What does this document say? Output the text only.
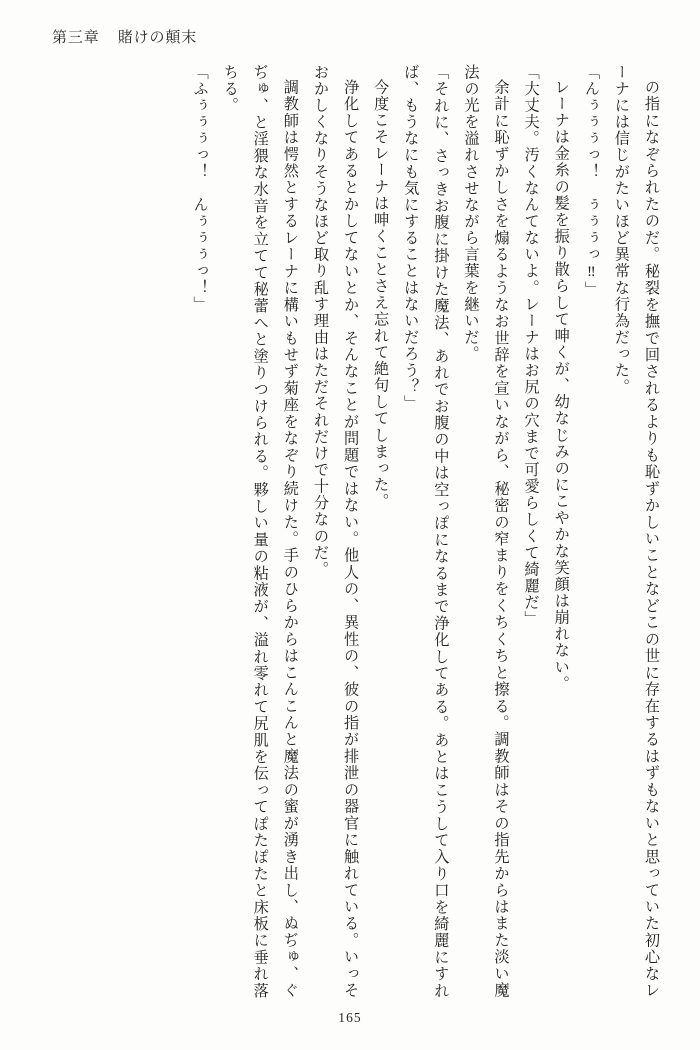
第三章 賭けの顛末

の指になぞられたのだ。秘裂を撫で回されるよりも恥ずかしいことなどこの世に存在するはずもないと思っていた初心なレーナには信じがたいほど異常な行為だった。

「んぅぅぅっ！　ぅぅぅっ‼」

レーナは金糸の髪を振り散らして呻くが、幼なじみのにこやかな笑顔は崩れない。

「大丈夫。汚くなんてないよ。レーナはお尻の穴まで可愛らしくて綺麗だ」

余計に恥ずかしさを煽るようなお世辞を宣いながら、秘密の窄まりをくちくちと擦る。調教師はその指先からはまた淡い魔法の光を溢れさせながら言葉を継いだ。

「それに、さっきお腹に掛けた魔法、あれでお腹の中は空っぽになるまで浄化してある。あとはこうして入り口を綺麗にすれば、もうなにも気にすることはないだろう？」

今度こそレーナは呻くことさえ忘れて絶句してしまった。

浄化してあるとかしてないとか、そんなことが問題ではない。他人の、異性の、彼の指が排泄の器官に触れている。いっそおかしくなりそうなほど取り乱す理由はただそれだけで十分なのだ。

調教師は愕然とするレーナに構いもせず菊座をなぞり続けた。手のひらからはこんこんと魔法の蜜が湧き出し、ぬぢゅ、ぐぢゅ、と淫猥な水音を立てて秘蕾へと塗りつけられる。夥しい量の粘液が、溢れ零れて尻肌を伝ってぽたぽたと床板に垂れ落ちる。

「ふぅぅぅっ！　んぅぅぅっ！」

165
